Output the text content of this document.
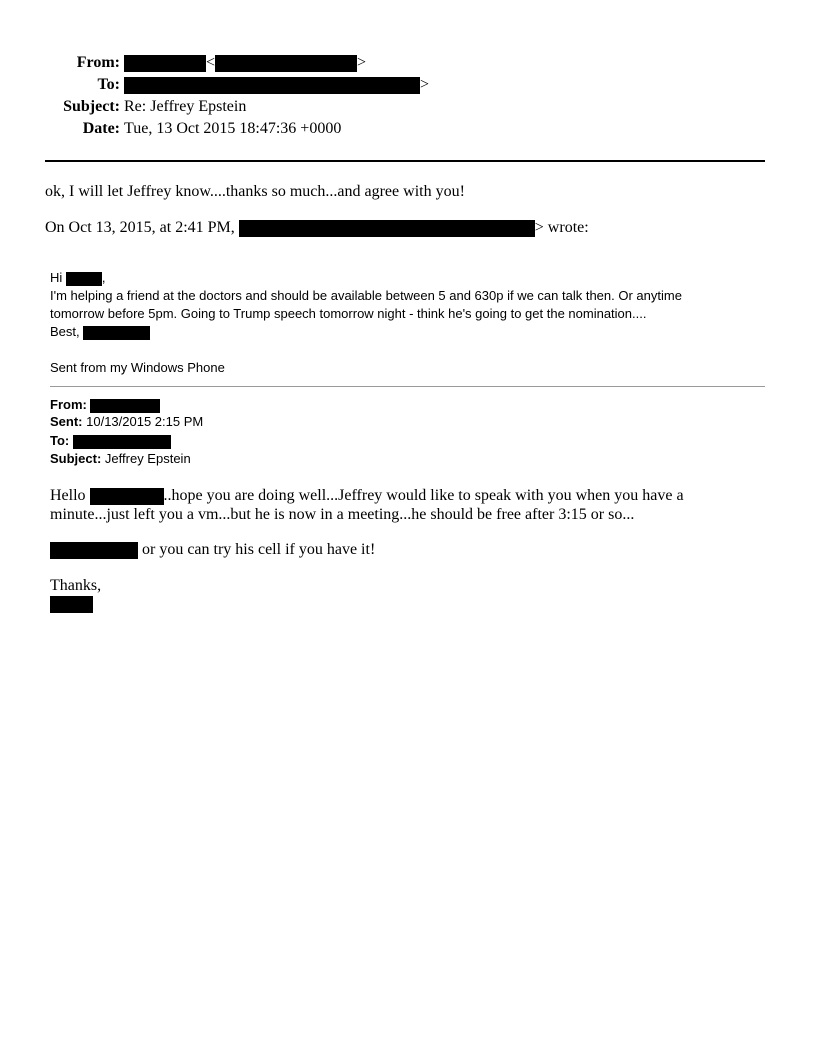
From:	<	>
To:	>
Subject: Re: Jeffrey Epstein
Date: Tue, 13 Oct 2015 18:47:36 +0000
ok, I will let Jeffrey know....thanks so much...and agree with you!
On Oct 13, 2015, at 2:41 PM,	> wrote:
Hi	,
I'm helping a friend at the doctors and should be available between 5 and 630p if we can talk then. Or anytime
tomorrow before 5pm. Going to Trump speech tomorrow night - think he's going to get the nomination....
Best,
Sent from my Windows Phone
From:
Sent: 10/13/2015 2:15 PM
To:
Subject: Jeffrey Epstein
Hello	..hope you are doing well...Jeffrey would like to speak with you when you have a
minute...just left you a vm...but he is now in a meeting...he should be free after 3:15 or so...
or you can try his cell if you have it!
Thanks,
